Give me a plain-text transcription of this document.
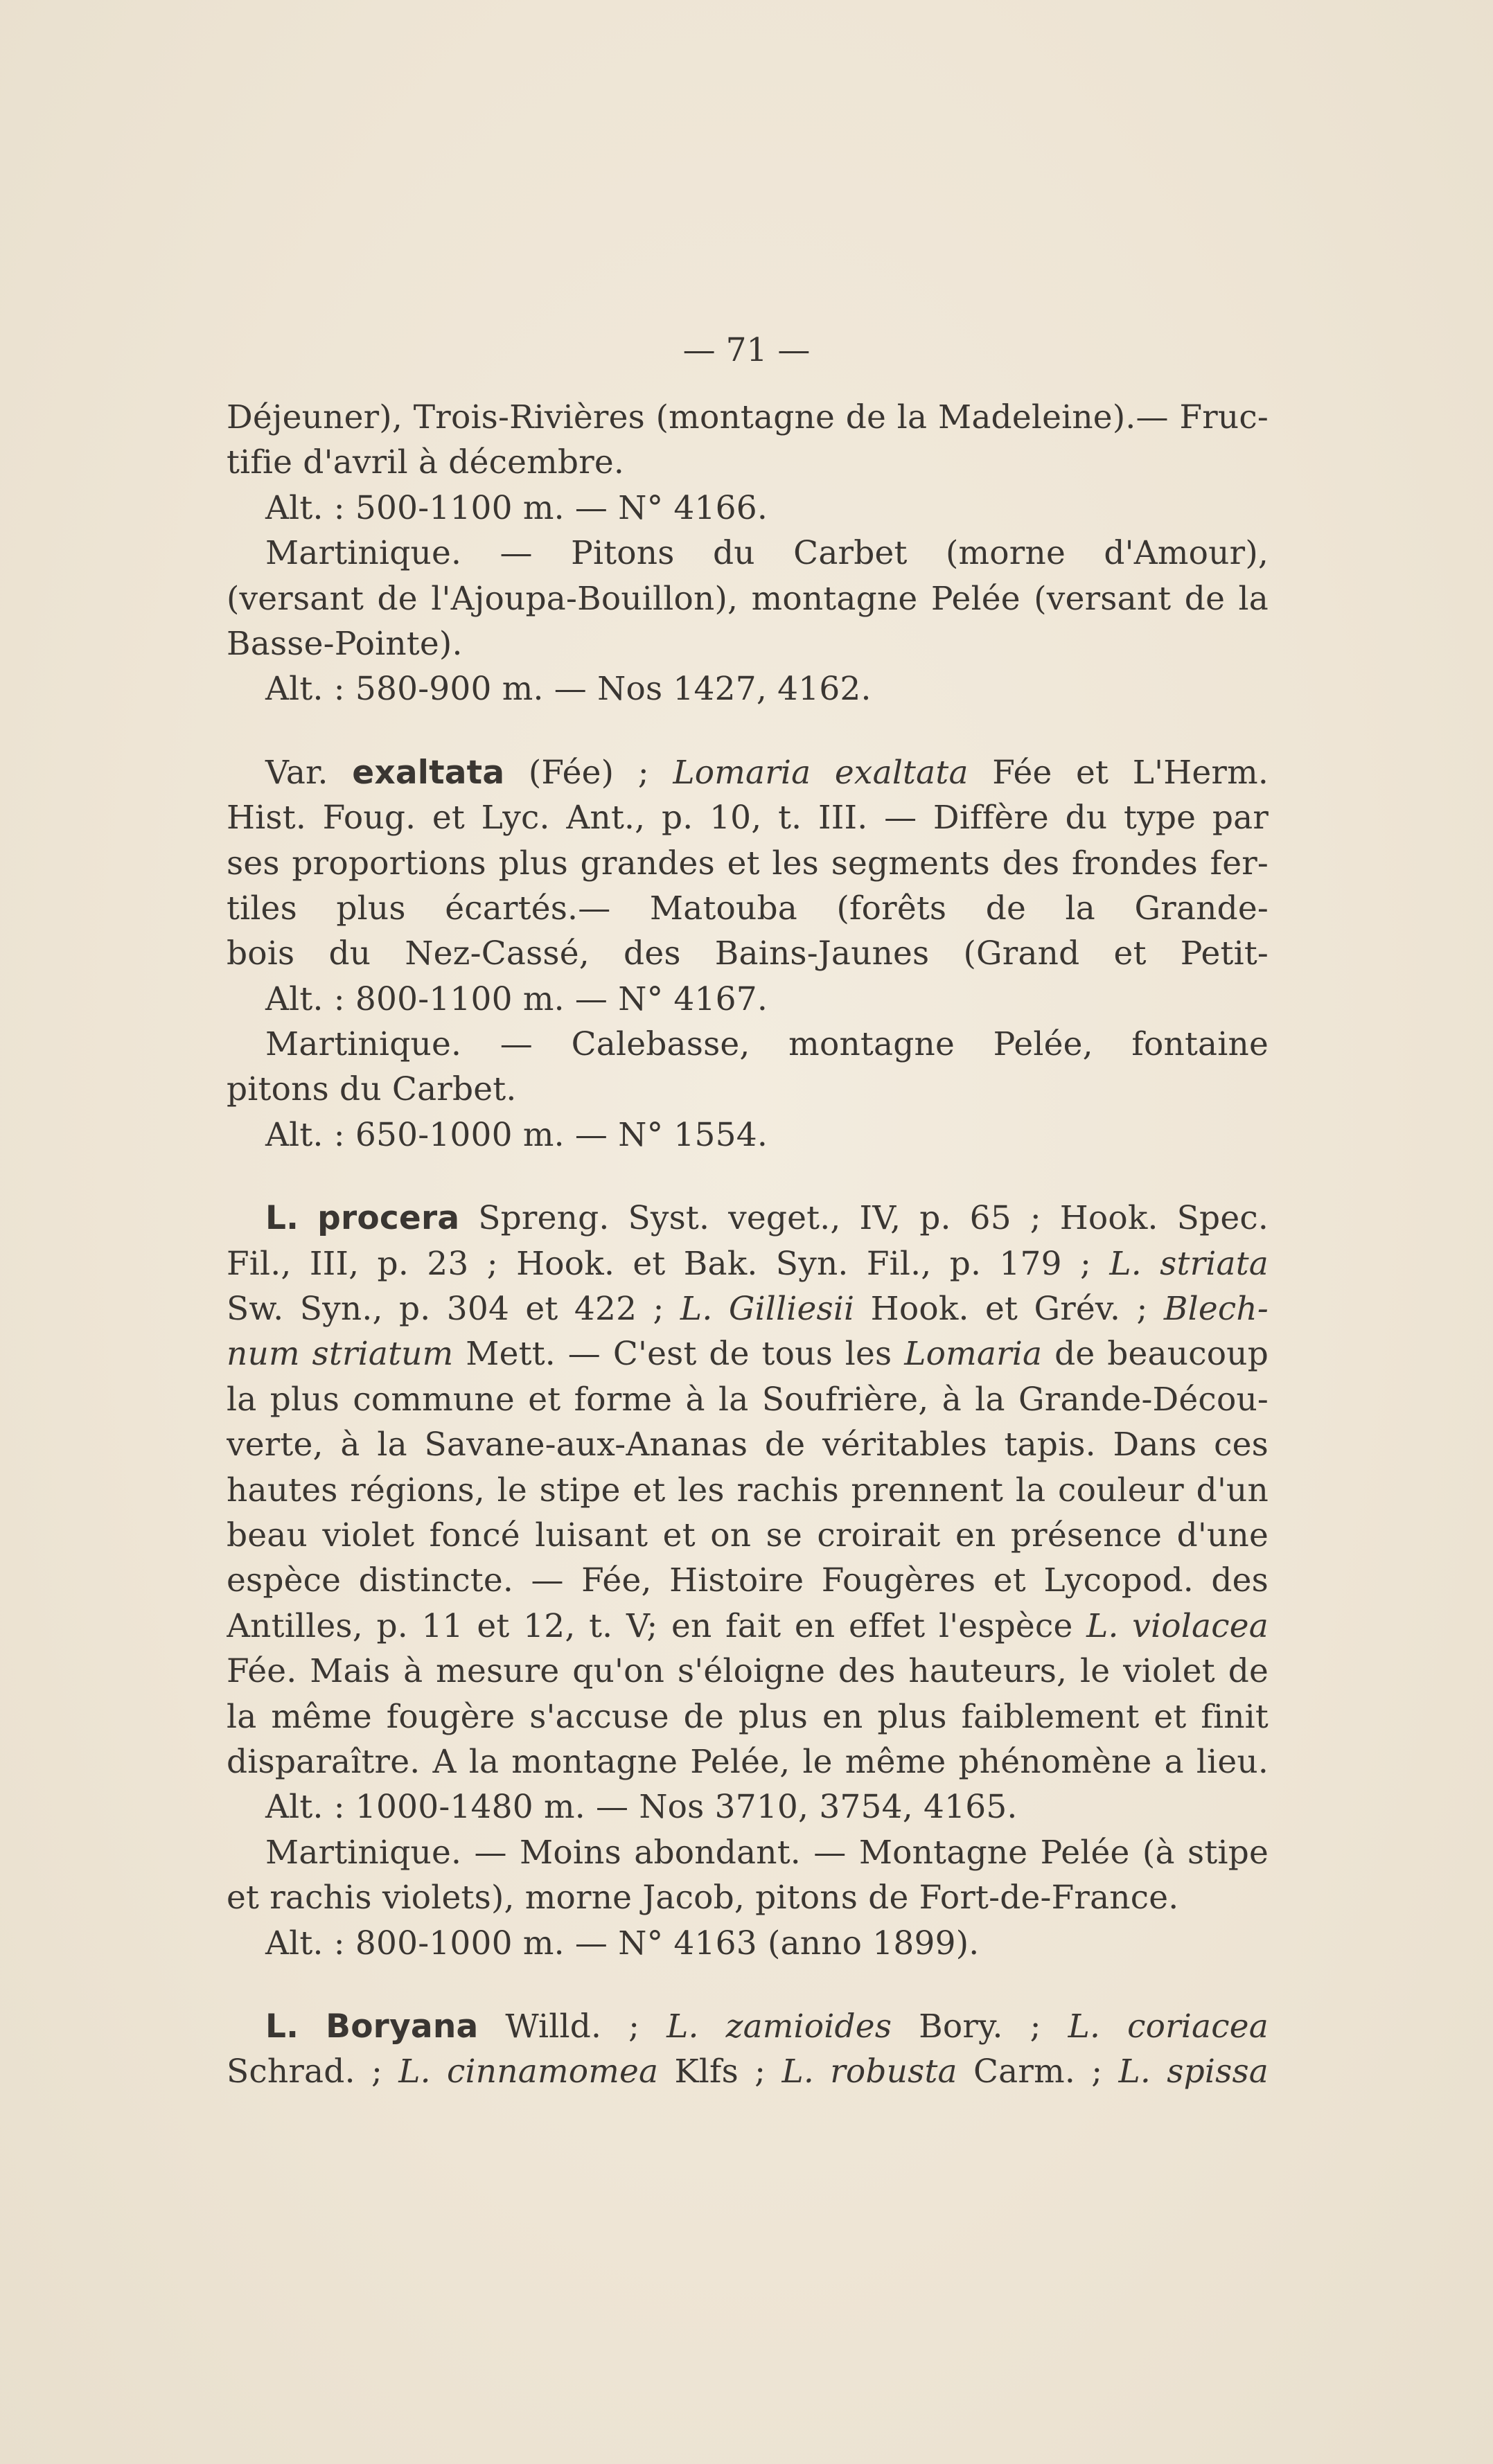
— 71 —
Déjeuner), Trois-Rivières (montagne de la Madeleine).— Fruc-
tifie d'avril à décembre.
Alt. : 500-1100 m. — N° 4166.
Martinique. — Pitons du Carbet (morne d'Amour),
(versant de l'Ajoupa-Bouillon), montagne Pelée (versant de la
Basse-Pointe).
Alt. : 580-900 m. — Nos 1427, 4162.
Var. exaltata (Fée) ; Lomaria exaltata Fée et L'Herm.
Hist. Foug. et Lyc. Ant., p. 10, t. III. — Diffère du type par
ses proportions plus grandes et les segments des frondes fer-
tiles plus écartés.— Matouba (forêts de la Grande-
bois du Nez-Cassé, des Bains-Jaunes (Grand et Petit-
Alt. : 800-1100 m. — N° 4167.
Martinique. — Calebasse, montagne Pelée, fontaine
pitons du Carbet.
Alt. : 650-1000 m. — N° 1554.
L. procera Spreng. Syst. veget., IV, p. 65 ; Hook. Spec.
Fil., III, p. 23 ; Hook. et Bak. Syn. Fil., p. 179 ; L. striata
Sw. Syn., p. 304 et 422 ; L. Gilliesii Hook. et Grév. ; Blech-
num striatum Mett. — C'est de tous les Lomaria de beaucoup
la plus commune et forme à la Soufrière, à la Grande-Décou-
verte, à la Savane-aux-Ananas de véritables tapis. Dans ces
hautes régions, le stipe et les rachis prennent la couleur d'un
beau violet foncé luisant et on se croirait en présence d'une
espèce distincte. — Fée, Histoire Fougères et Lycopod. des
Antilles, p. 11 et 12, t. V; en fait en effet l'espèce L. violacea
Fée. Mais à mesure qu'on s'éloigne des hauteurs, le violet de
la même fougère s'accuse de plus en plus faiblement et finit
disparaître. A la montagne Pelée, le même phénomène a lieu.
Alt. : 1000-1480 m. — Nos 3710, 3754, 4165.
Martinique. — Moins abondant. — Montagne Pelée (à stipe
et rachis violets), morne Jacob, pitons de Fort-de-France.
Alt. : 800-1000 m. — N° 4163 (anno 1899).
L. Boryana Willd. ; L. zamioides Bory. ; L. coriacea
Schrad. ; L. cinnamomea Klfs ; L. robusta Carm. ; L. spissa
